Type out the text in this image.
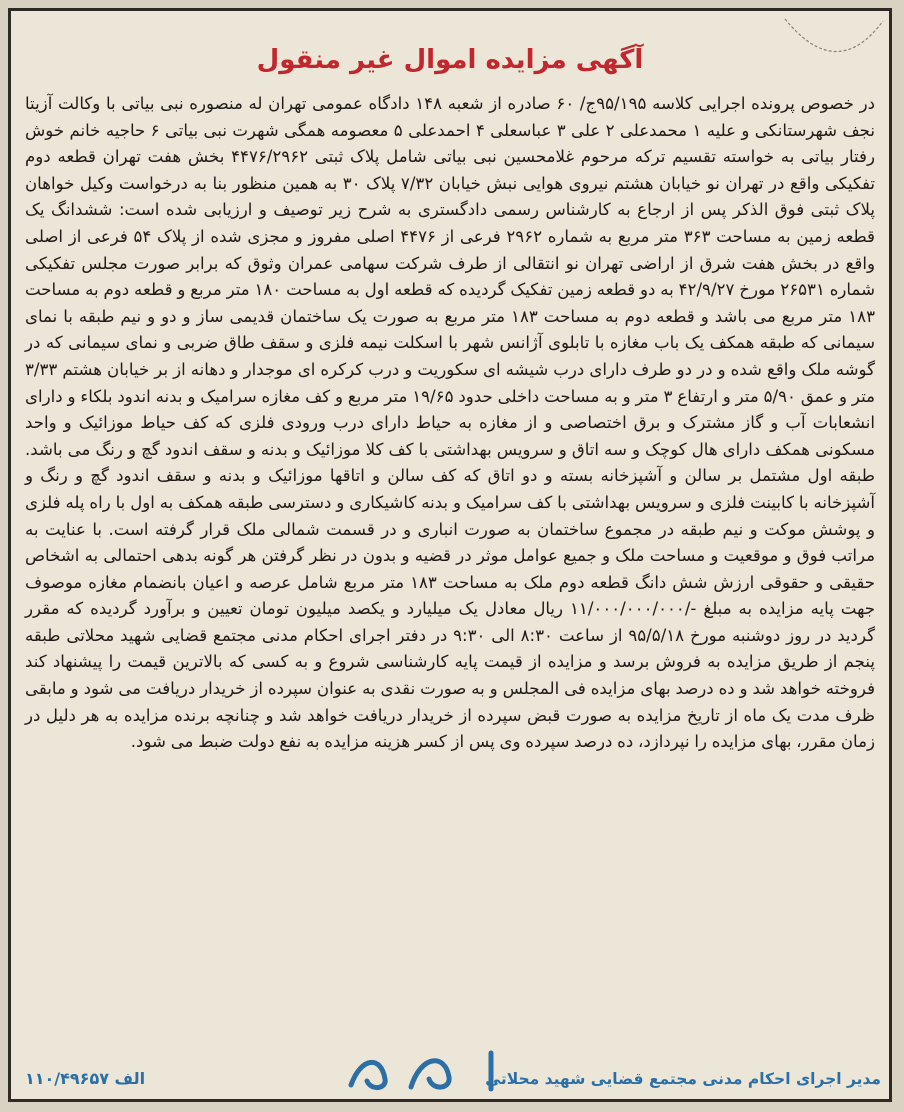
آگهی مزایده اموال غیر منقول
در خصوص پرونده اجرایی کلاسه ۹۵/۱۹۵ج/ ۶۰ صادره از شعبه ۱۴۸ دادگاه عمومی تهران له منصوره نبی بیاتی با وکالت آزیتا نجف شهرستانکی و علیه ۱ محمدعلی ۲ علی ۳ عباسعلی ۴ احمدعلی ۵ معصومه همگی شهرت نبی بیاتی ۶ حاجیه خانم خوش رفتار بیاتی به خواسته تقسیم ترکه مرحوم غلامحسین نبی بیاتی شامل پلاک ثبتی ۴۴۷۶/۲۹۶۲ بخش هفت تهران قطعه دوم تفکیکی واقع در تهران نو خیابان هشتم نیروی هوایی نبش خیابان ۷/۳۲ پلاک ۳۰ به همین منظور بنا به درخواست وکیل خواهان پلاک ثبتی فوق الذکر پس از ارجاع به کارشناس رسمی دادگستری به شرح زیر توصیف و ارزیابی شده است: ششدانگ یک قطعه زمین به مساحت ۳۶۳ متر مربع به شماره ۲۹۶۲ فرعی از ۴۴۷۶ اصلی مفروز و مجزی شده از پلاک ۵۴ فرعی از اصلی واقع در بخش هفت شرق از اراضی تهران نو انتقالی از طرف شرکت سهامی عمران وثوق که برابر صورت مجلس تفکیکی شماره ۲۶۵۳۱ مورخ ۴۲/۹/۲۷ به دو قطعه زمین تفکیک گردیده که قطعه اول به مساحت ۱۸۰ متر مربع و قطعه دوم به مساحت ۱۸۳ متر مربع می باشد و قطعه دوم به مساحت ۱۸۳ متر مربع به صورت یک ساختمان قدیمی ساز و دو و نیم طبقه با نمای سیمانی که طبقه همکف یک باب مغازه با تابلوی آژانس شهر با اسکلت نیمه فلزی و سقف طاق ضربی و نمای سیمانی که در گوشه ملک واقع شده و در دو طرف دارای درب شیشه ای سکوریت و درب کرکره ای موجدار و دهانه از بر خیابان هشتم ۳/۳۳ متر و عمق ۵/۹۰ متر و ارتفاع ۳ متر و به مساحت داخلی حدود ۱۹/۶۵ متر مربع و کف مغازه سرامیک و بدنه اندود بلکاء و دارای انشعابات آب و گاز مشترک و برق اختصاصی و از مغازه به حیاط دارای درب ورودی فلزی که کف حیاط موزائیک و واحد مسکونی همکف دارای هال کوچک و سه اتاق و سرویس بهداشتی با کف کلا موزائیک و بدنه و سقف اندود گچ و رنگ می باشد. طبقه اول مشتمل بر سالن و آشپزخانه بسته و دو اتاق که کف سالن و اتاقها موزائیک و بدنه و سقف اندود گچ و رنگ و آشپزخانه با کابینت فلزی و سرویس بهداشتی با کف سرامیک و بدنه کاشیکاری و دسترسی طبقه همکف به اول با راه پله فلزی و پوشش موکت و نیم طبقه در مجموع ساختمان به صورت انباری و در قسمت شمالی ملک قرار گرفته است. با عنایت به مراتب فوق و موقعیت و مساحت ملک و جمیع عوامل موثر در قضیه و بدون در نظر گرفتن هر گونه بدهی احتمالی به اشخاص حقیقی و حقوقی ارزش شش دانگ قطعه دوم ملک به مساحت ۱۸۳ متر مربع شامل عرصه و اعیان بانضمام مغازه موصوف جهت پایه مزایده به مبلغ -/۱۱/۰۰۰/۰۰۰/۰۰۰ ریال معادل یک میلیارد و یکصد میلیون تومان تعیین و برآورد گردیده که مقرر گردید در روز دوشنبه مورخ ۹۵/۵/۱۸ از ساعت ۸:۳۰ الی ۹:۳۰ در دفتر اجرای احکام مدنی مجتمع قضایی شهید محلاتی طبقه پنجم از طریق مزایده به فروش برسد و مزایده از قیمت پایه کارشناسی شروع و به کسی که بالاترین قیمت را پیشنهاد کند فروخته خواهد شد و ده درصد بهای مزایده فی المجلس و به صورت نقدی به عنوان سپرده از خریدار دریافت می شود و مابقی ظرف مدت یک ماه از تاریخ مزایده به صورت قبض سپرده از خریدار دریافت خواهد شد و چنانچه برنده مزایده به هر دلیل در زمان مقرر، بهای مزایده را نپردازد، ده درصد سپرده وی پس از کسر هزینه مزایده به نفع دولت ضبط می شود.
مدیر اجرای احکام مدنی مجتمع قضایی شهید محلاتی
۱۱۰/۴۹۶۵۷ الف
